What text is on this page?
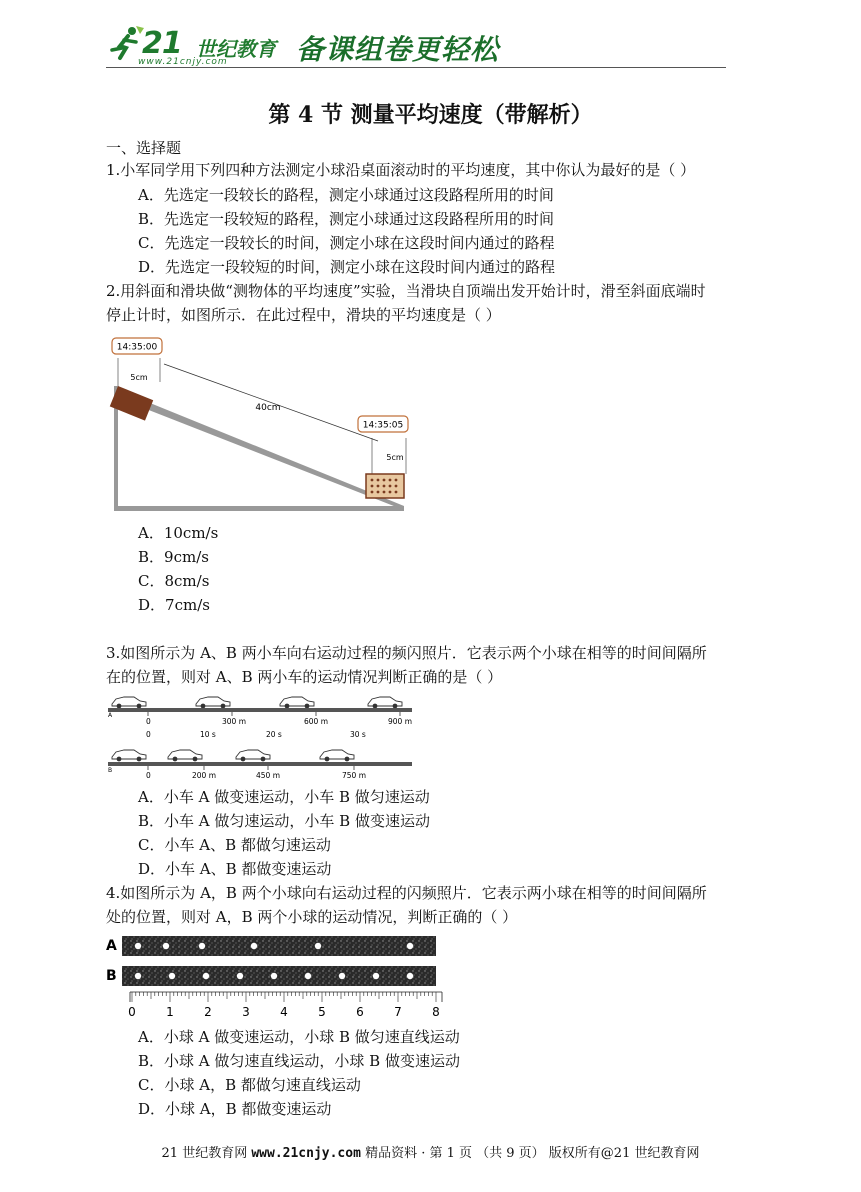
21 世纪教育
www.21cnjy.com 备课组卷更轻松
第 4 节 测量平均速度（带解析）
一、选择题
1.小军同学用下列四种方法测定小球沿桌面滚动时的平均速度，其中你认为最好的是（ ）
A．先选定一段较长的路程，测定小球通过这段路程所用的时间
B．先选定一段较短的路程，测定小球通过这段路程所用的时间
C．先选定一段较长的时间，测定小球在这段时间内通过的路程
D．先选定一段较短的时间，测定小球在这段时间内通过的路程
2.用斜面和滑块做“测物体的平均速度”实验，当滑块自顶端出发开始计时，滑至斜面底端时
停止计时，如图所示．在此过程中，滑块的平均速度是（ ）
14:35:00
5cm
40cm
14:35:05
5cm
A．10cm/s
B．9cm/s
C．8cm/s
D．7cm/s
3.如图所示为 A、B 两小车向右运动过程的频闪照片．它表示两个小球在相等的时间间隔所
在的位置，则对 A、B 两小车的运动情况判断正确的是（ ）
A
0	300 m	600 m	900 m
0	10 s	20 s	30 s
B
0	200 m	450 m	750 m
A．小车 A 做变速运动，小车 B 做匀速运动
B．小车 A 做匀速运动，小车 B 做变速运动
C．小车 A、B 都做匀速运动
D．小车 A、B 都做变速运动
4.如图所示为 A，B 两个小球向右运动过程的闪频照片．它表示两小球在相等的时间间隔所
处的位置，则对 A，B 两个小球的运动情况，判断正确的（ ）
A
B
0	1	2	3	4	5	6	7	8
A．小球 A 做变速运动，小球 B 做匀速直线运动
B．小球 A 做匀速直线运动，小球 B 做变速运动
C．小球 A，B 都做匀速直线运动
D．小球 A，B 都做变速运动
21 世纪教育网 www.21cnjy.com 精品资料 · 第 1 页 （共 9 页） 版权所有@21 世纪教育网
